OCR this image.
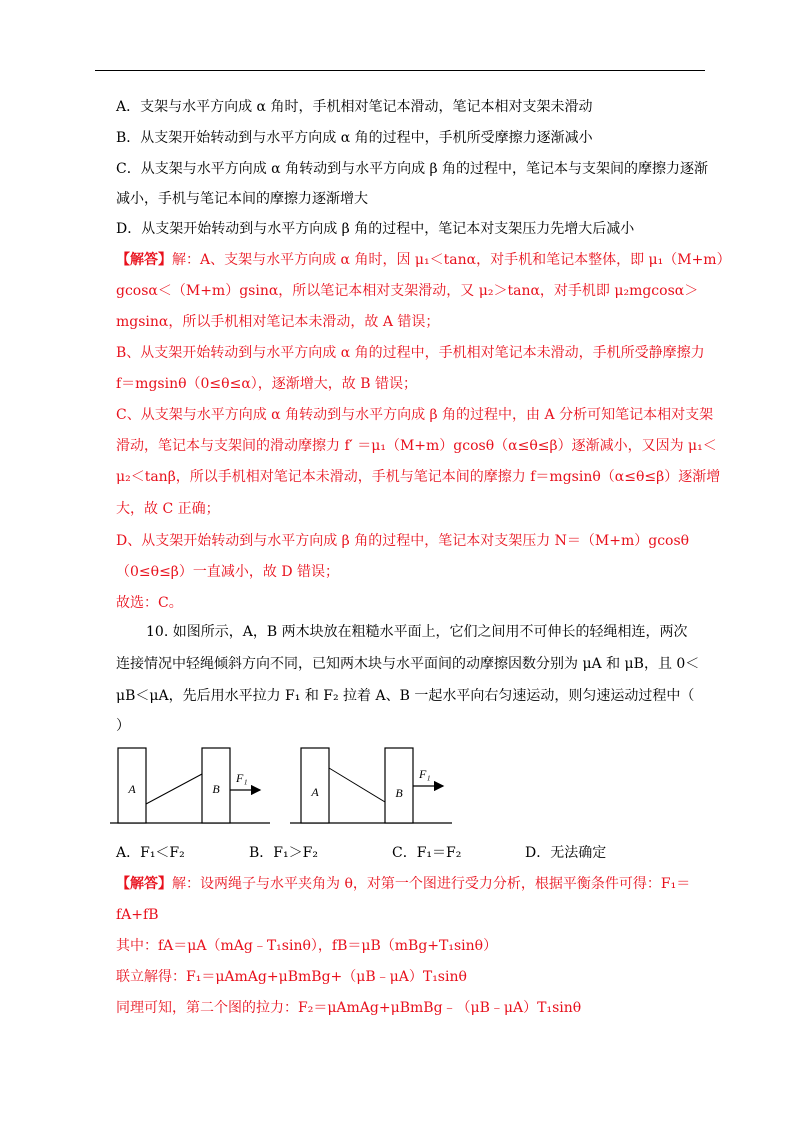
A．支架与水平方向成 α 角时，手机相对笔记本滑动，笔记本相对支架未滑动
B．从支架开始转动到与水平方向成 α 角的过程中，手机所受摩擦力逐渐减小
C．从支架与水平方向成 α 角转动到与水平方向成 β 角的过程中，笔记本与支架间的摩擦力逐渐
减小，手机与笔记本间的摩擦力逐渐增大
D．从支架开始转动到与水平方向成 β 角的过程中，笔记本对支架压力先增大后减小
【解答】解：A、支架与水平方向成 α 角时，因 μ₁＜tanα，对手机和笔记本整体，即 μ₁（M+m）
gcosα＜（M+m）gsinα，所以笔记本相对支架滑动，又 μ₂＞tanα，对手机即 μ₂mgcosα＞
mgsinα，所以手机相对笔记本未滑动，故 A 错误；
B、从支架开始转动到与水平方向成 α 角的过程中，手机相对笔记本未滑动，手机所受静摩擦力
f＝mgsinθ（0≤θ≤α），逐渐增大，故 B 错误；
C、从支架与水平方向成 α 角转动到与水平方向成 β 角的过程中，由 A 分析可知笔记本相对支架
滑动，笔记本与支架间的滑动摩擦力 f′ ＝μ₁（M+m）gcosθ（α≤θ≤β）逐渐减小，又因为 μ₁＜
μ₂＜tanβ，所以手机相对笔记本未滑动，手机与笔记本间的摩擦力 f＝mgsinθ（α≤θ≤β）逐渐增
大，故 C 正确；
D、从支架开始转动到与水平方向成 β 角的过程中，笔记本对支架压力 N＝（M+m）gcosθ
（0≤θ≤β）一直减小，故 D 错误；
故选：C。
10. 如图所示，A，B 两木块放在粗糙水平面上，它们之间用不可伸长的轻绳相连，两次
连接情况中轻绳倾斜方向不同，已知两木块与水平面间的动摩擦因数分别为 μA 和 μB，且 0＜
μB＜μA，先后用水平拉力 F₁ 和 F₂ 拉着 A、B 一起水平向右匀速运动，则匀速运动过程中（
）
A	B
F₁
A	B
F₁
A．F₁＜F₂	B．F₁＞F₂	C．F₁＝F₂	D．无法确定
【解答】解：设两绳子与水平夹角为 θ，对第一个图进行受力分析，根据平衡条件可得：F₁＝
fA+fB
其中：fA＝μA（mAg﹣T₁sinθ），fB＝μB（mBg+T₁sinθ）
联立解得：F₁＝μAmAg+μBmBg+（μB﹣μA）T₁sinθ
同理可知，第二个图的拉力：F₂＝μAmAg+μBmBg﹣（μB﹣μA）T₁sinθ
